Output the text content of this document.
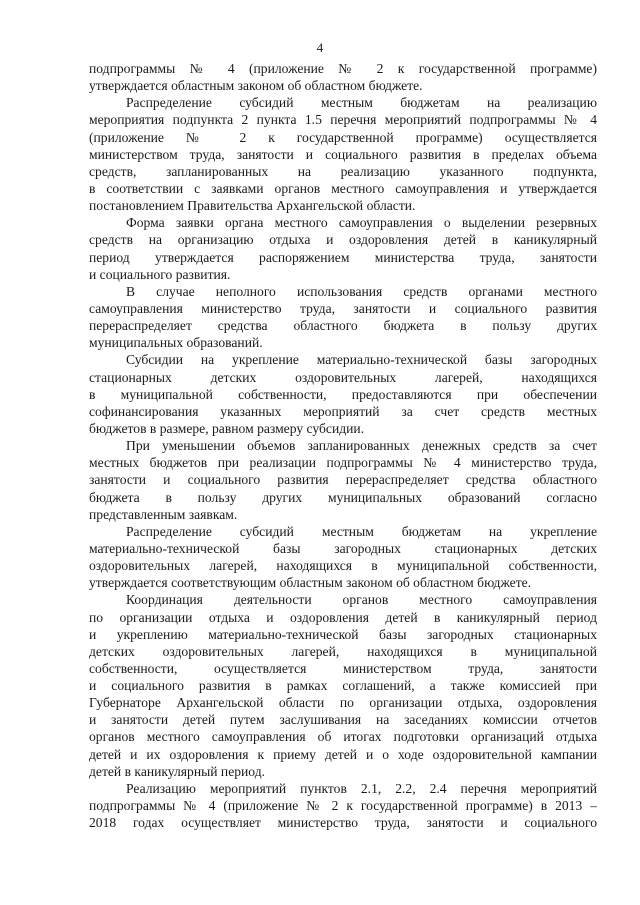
4
подпрограммы № 4 (приложение № 2 к государственной программе)
утверждается областным законом об областном бюджете.
Распределение субсидий местным бюджетам на реализацию
мероприятия подпункта 2 пункта 1.5 перечня мероприятий подпрограммы № 4
(приложение № 2 к государственной программе) осуществляется
министерством труда, занятости и социального развития в пределах объема
средств, запланированных на реализацию указанного подпункта,
в соответствии с заявками органов местного самоуправления и утверждается
постановлением Правительства Архангельской области.
Форма заявки органа местного самоуправления о выделении резервных
средств на организацию отдыха и оздоровления детей в каникулярный
период утверждается распоряжением министерства труда, занятости
и социального развития.
В случае неполного использования средств органами местного
самоуправления министерство труда, занятости и социального развития
перераспределяет средства областного бюджета в пользу других
муниципальных образований.
Субсидии на укрепление материально-технической базы загородных
стационарных детских оздоровительных лагерей, находящихся
в муниципальной собственности, предоставляются при обеспечении
софинансирования указанных мероприятий за счет средств местных
бюджетов в размере, равном размеру субсидии.
При уменьшении объемов запланированных денежных средств за счет
местных бюджетов при реализации подпрограммы № 4 министерство труда,
занятости и социального развития перераспределяет средства областного
бюджета в пользу других муниципальных образований согласно
представленным заявкам.
Распределение субсидий местным бюджетам на укрепление
материально-технической базы загородных стационарных детских
оздоровительных лагерей, находящихся в муниципальной собственности,
утверждается соответствующим областным законом об областном бюджете.
Координация деятельности органов местного самоуправления
по организации отдыха и оздоровления детей в каникулярный период
и укреплению материально-технической базы загородных стационарных
детских оздоровительных лагерей, находящихся в муниципальной
собственности, осуществляется министерством труда, занятости
и социального развития в рамках соглашений, а также комиссией при
Губернаторе Архангельской области по организации отдыха, оздоровления
и занятости детей путем заслушивания на заседаниях комиссии отчетов
органов местного самоуправления об итогах подготовки организаций отдыха
детей и их оздоровления к приему детей и о ходе оздоровительной кампании
детей в каникулярный период.
Реализацию мероприятий пунктов 2.1, 2.2, 2.4 перечня мероприятий
подпрограммы № 4 (приложение № 2 к государственной программе) в 2013 –
2018 годах осуществляет министерство труда, занятости и социального
